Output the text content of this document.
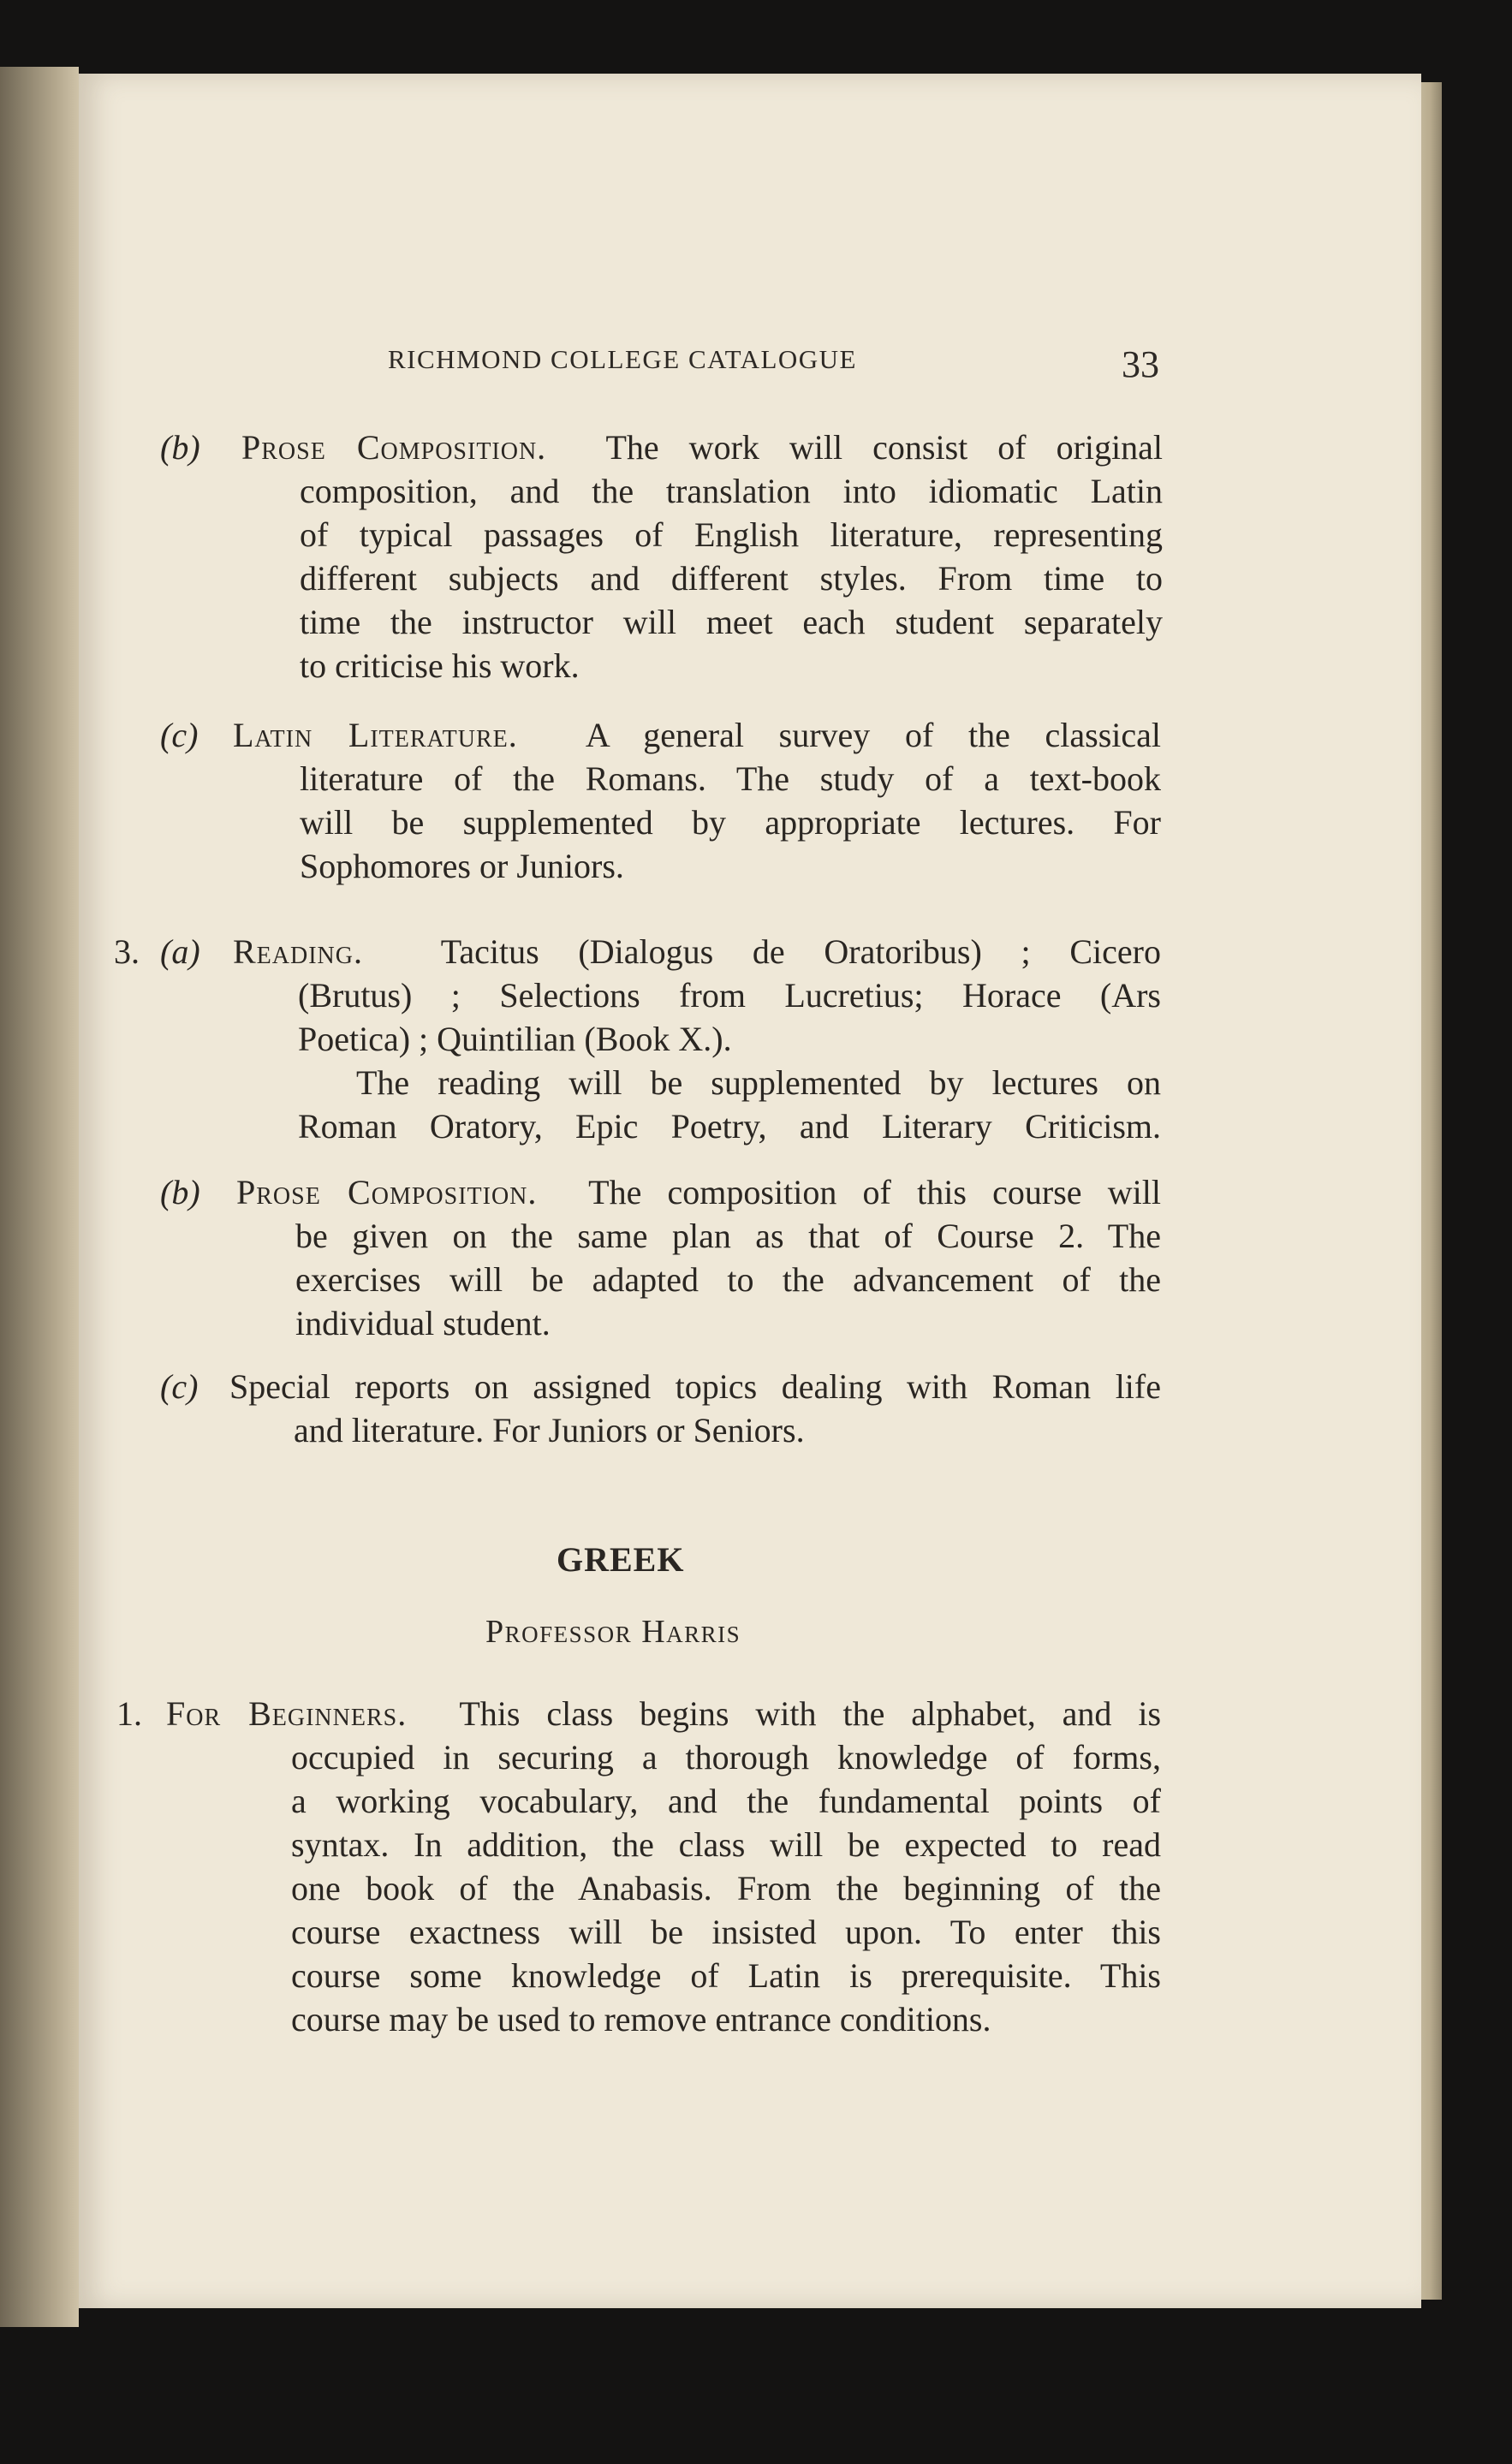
RICHMOND COLLEGE CATALOGUE	33
(b) Prose Composition. The work will consist of original
composition, and the translation into idiomatic Latin
of typical passages of English literature, representing
different subjects and different styles. From time to
time the instructor will meet each student separately
to criticise his work.
(c) Latin Literature. A general survey of the classical
literature of the Romans. The study of a text-book
will be supplemented by appropriate lectures. For
Sophomores or Juniors.
3. (a) Reading. Tacitus (Dialogus de Oratoribus) ; Cicero
(Brutus) ; Selections from Lucretius; Horace (Ars
Poetica) ; Quintilian (Book X.).
The reading will be supplemented by lectures on
Roman Oratory, Epic Poetry, and Literary Criticism.
(b) Prose Composition. The composition of this course will
be given on the same plan as that of Course 2. The
exercises will be adapted to the advancement of the
individual student.
(c) Special reports on assigned topics dealing with Roman life
and literature. For Juniors or Seniors.
GREEK
Professor Harris
1. For Beginners. This class begins with the alphabet, and is
occupied in securing a thorough knowledge of forms,
a working vocabulary, and the fundamental points of
syntax. In addition, the class will be expected to read
one book of the Anabasis. From the beginning of the
course exactness will be insisted upon. To enter this
course some knowledge of Latin is prerequisite. This
course may be used to remove entrance conditions.
